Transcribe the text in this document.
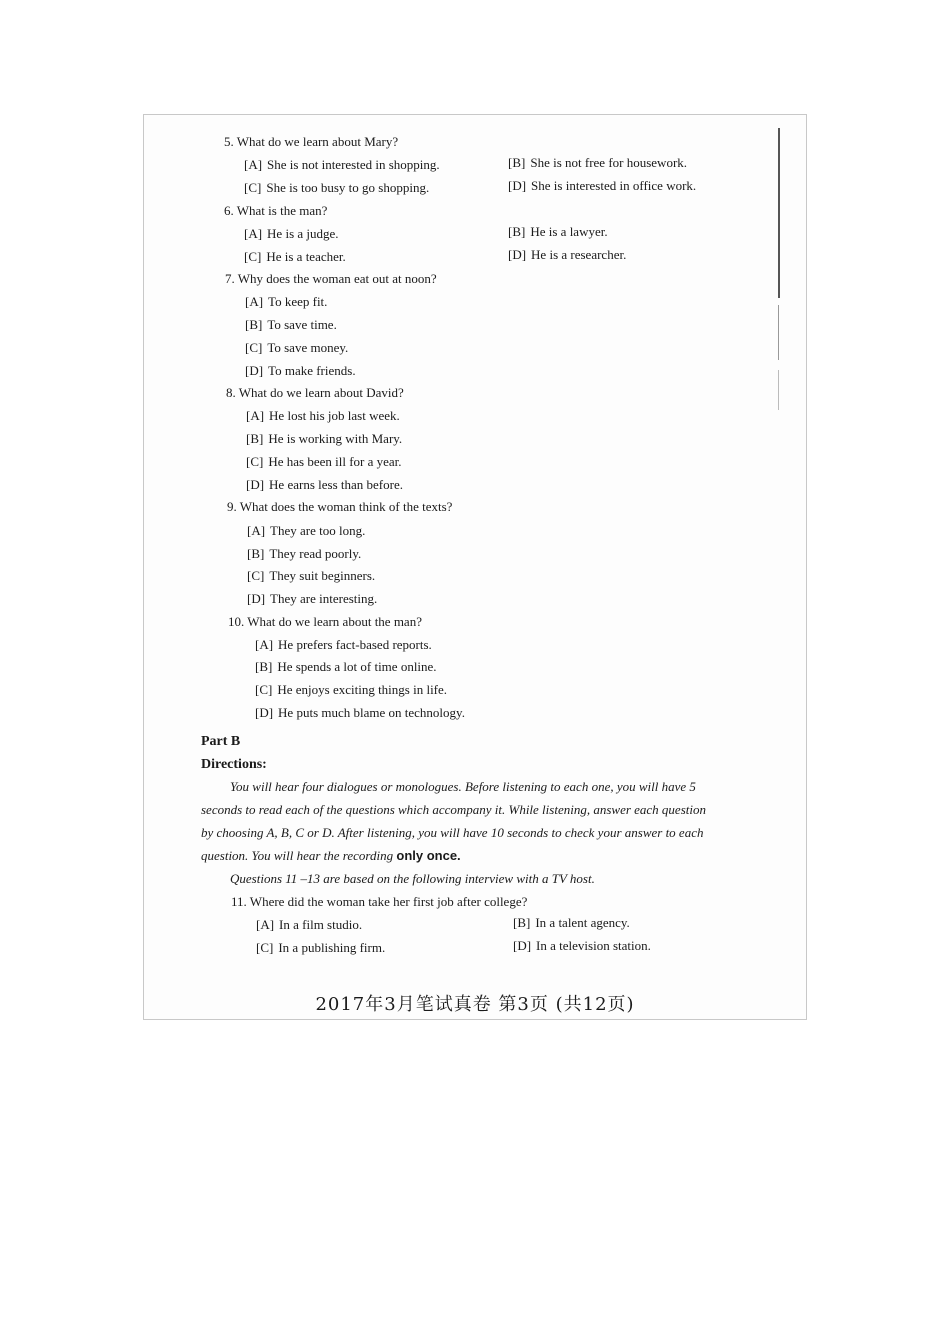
5. What do we learn about Mary?
[A] She is not interested in shopping.	[B] She is not free for housework.
[C] She is too busy to go shopping.	[D] She is interested in office work.
6. What is the man?
[A] He is a judge.	[B] He is a lawyer.
[C] He is a teacher.	[D] He is a researcher.
7. Why does the woman eat out at noon?
[A] To keep fit.
[B] To save time.
[C] To save money.
[D] To make friends.
8. What do we learn about David?
[A] He lost his job last week.
[B] He is working with Mary.
[C] He has been ill for a year.
[D] He earns less than before.
9. What does the woman think of the texts?
[A] They are too long.
[B] They read poorly.
[C] They suit beginners.
[D] They are interesting.
10. What do we learn about the man?
[A] He prefers fact-based reports.
[B] He spends a lot of time online.
[C] He enjoys exciting things in life.
[D] He puts much blame on technology.
Part B
Directions:
You will hear four dialogues or monologues. Before listening to each one, you will have 5
seconds to read each of the questions which accompany it. While listening, answer each question
by choosing A, B, C or D. After listening, you will have 10 seconds to check your answer to each
question. You will hear the recording only once.
Questions 11 –13 are based on the following interview with a TV host.
11. Where did the woman take her first job after college?
[A] In a film studio.	[B] In a talent agency.
[C] In a publishing firm.	[D] In a television station.
2017年3月笔试真卷 第3页 (共12页)
